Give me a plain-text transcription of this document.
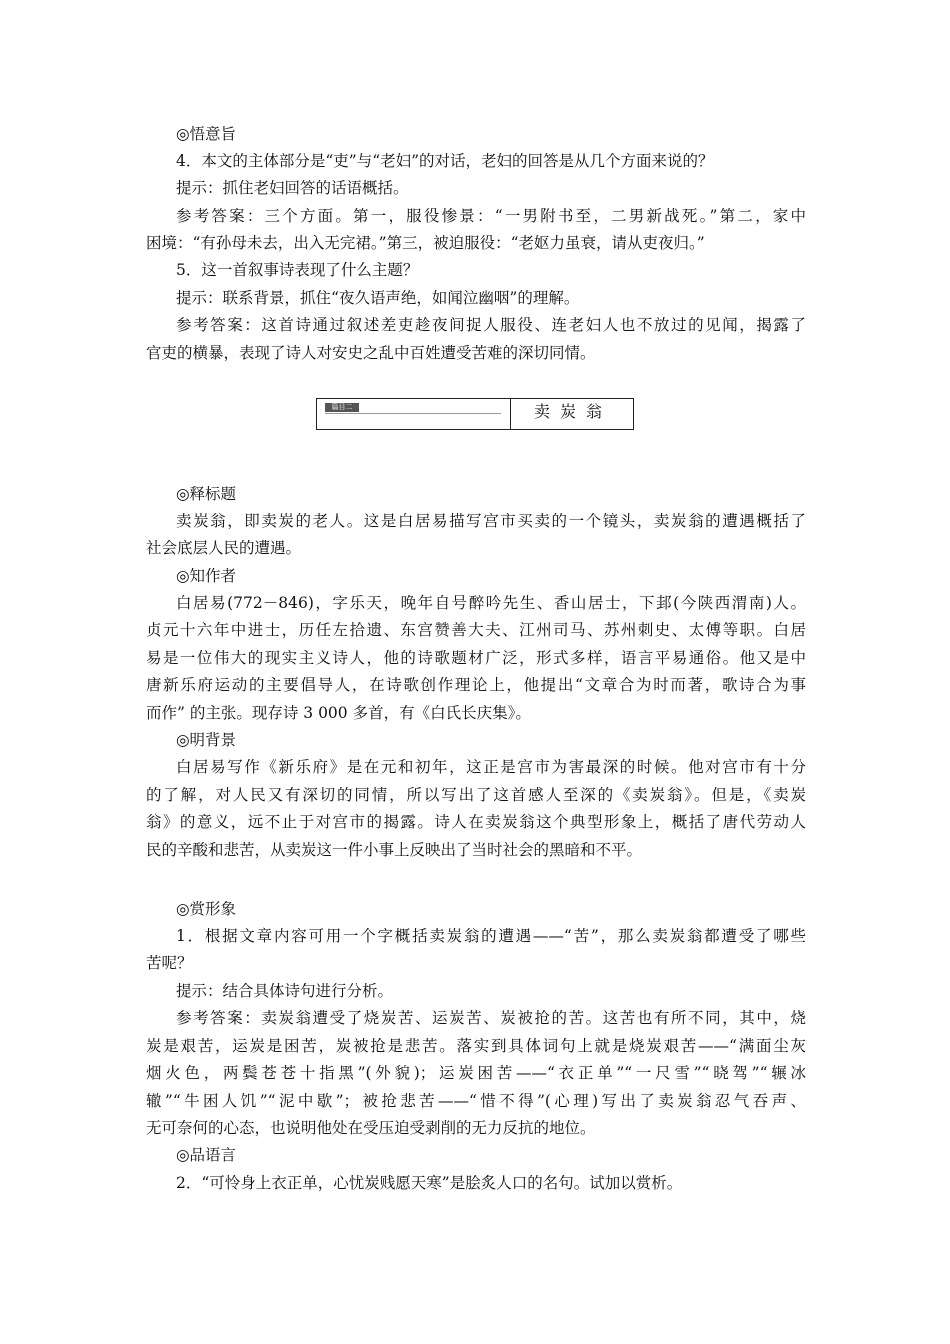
◎悟意旨
4．本文的主体部分是“吏”与“老妇”的对话，老妇的回答是从几个方面来说的？
提示：抓住老妇回答的话语概括。
参考答案：三个方面。第一，服役惨景：“一男附书至，二男新战死。”第二，家中
困境：“有孙母未去，出入无完裙。”第三，被迫服役：“老妪力虽衰，请从吏夜归。”
5．这一首叙事诗表现了什么主题？
提示：联系背景，抓住“夜久语声绝，如闻泣幽咽”的理解。
参考答案：这首诗通过叙述差吏趁夜间捉人服役、连老妇人也不放过的见闻，揭露了
官吏的横暴，表现了诗人对安史之乱中百姓遭受苦难的深切同情。
篇目二	卖炭翁
◎释标题
卖炭翁，即卖炭的老人。这是白居易描写宫市买卖的一个镜头，卖炭翁的遭遇概括了
社会底层人民的遭遇。
◎知作者
白居易(772－846)，字乐天，晚年自号醉吟先生、香山居士，下邽(今陕西渭南)人。
贞元十六年中进士，历任左拾遗、东宫赞善大夫、江州司马、苏州刺史、太傅等职。白居
易是一位伟大的现实主义诗人，他的诗歌题材广泛，形式多样，语言平易通俗。他又是中
唐新乐府运动的主要倡导人，在诗歌创作理论上，他提出“文章合为时而著，歌诗合为事
而作” 的主张。现存诗 3 000 多首，有《白氏长庆集》。
◎明背景
白居易写作《新乐府》是在元和初年，这正是宫市为害最深的时候。他对宫市有十分
的了解，对人民又有深切的同情，所以写出了这首感人至深的《卖炭翁》。但是，《卖炭
翁》的意义，远不止于对宫市的揭露。诗人在卖炭翁这个典型形象上，概括了唐代劳动人
民的辛酸和悲苦，从卖炭这一件小事上反映出了当时社会的黑暗和不平。
◎赏形象
1．根据文章内容可用一个字概括卖炭翁的遭遇——“苦”，那么卖炭翁都遭受了哪些
苦呢？
提示：结合具体诗句进行分析。
参考答案：卖炭翁遭受了烧炭苦、运炭苦、炭被抢的苦。这苦也有所不同，其中，烧
炭是艰苦，运炭是困苦，炭被抢是悲苦。落实到具体词句上就是烧炭艰苦——“满面尘灰
烟火色，两鬓苍苍十指黑”(外貌)；运炭困苦——“衣正单”“一尺雪”“晓驾”“辗冰
辙”“牛困人饥”“泥中歇”；被抢悲苦——“惜不得”(心理)写出了卖炭翁忍气吞声、
无可奈何的心态，也说明他处在受压迫受剥削的无力反抗的地位。
◎品语言
2．“可怜身上衣正单，心忧炭贱愿天寒”是脍炙人口的名句。试加以赏析。
